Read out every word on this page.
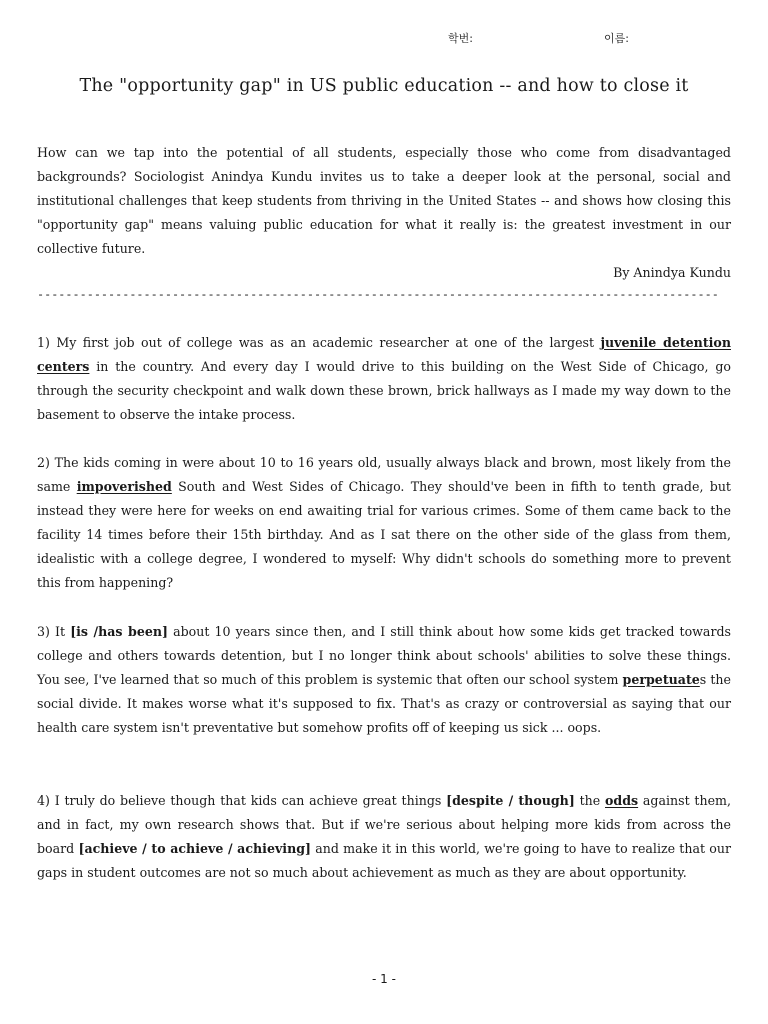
학번:	이름:
The "opportunity gap" in US public education -- and how to close it

How can we tap into the potential of all students, especially those who come from disadvantaged backgrounds? Sociologist Anindya Kundu invites us to take a deeper look at the personal, social and institutional challenges that keep students from thriving in the United States -- and shows how closing this "opportunity gap" means valuing public education for what it really is: the greatest investment in our collective future.

By Anindya Kundu
------------------------------------------------------------------------------------------------

1) My first job out of college was as an academic researcher at one of the largest juvenile detention centers in the country. And every day I would drive to this building on the West Side of Chicago, go through the security checkpoint and walk down these brown, brick hallways as I made my way down to the basement to observe the intake process.

2) The kids coming in were about 10 to 16 years old, usually always black and brown, most likely from the same impoverished South and West Sides of Chicago. They should've been in fifth to tenth grade, but instead they were here for weeks on end awaiting trial for various crimes. Some of them came back to the facility 14 times before their 15th birthday. And as I sat there on the other side of the glass from them, idealistic with a college degree, I wondered to myself: Why didn't schools do something more to prevent this from happening?

3) It [is /has been] about 10 years since then, and I still think about how some kids get tracked towards college and others towards detention, but I no longer think about schools' abilities to solve these things. You see, I've learned that so much of this problem is systemic that often our school system perpetuates the social divide. It makes worse what it's supposed to fix. That's as crazy or controversial as saying that our health care system isn't preventative but somehow profits off of keeping us sick ... oops.

4) I truly do believe though that kids can achieve great things [despite / though] the odds against them, and in fact, my own research shows that. But if we're serious about helping more kids from across the board [achieve / to achieve / achieving] and make it in this world, we're going to have to realize that our gaps in student outcomes are not so much about achievement as much as they are about opportunity.

- 1 -
